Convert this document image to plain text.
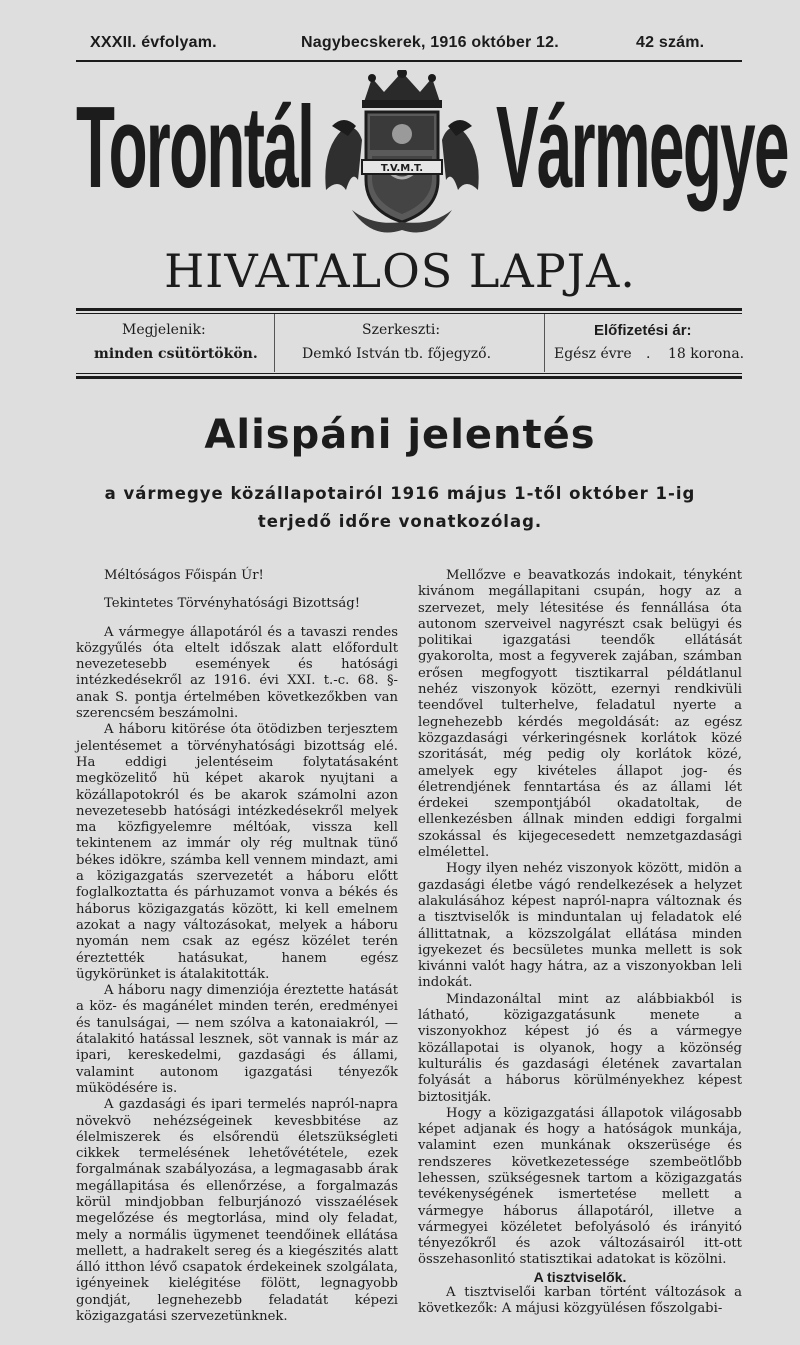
XXXII. évfolyam.	Nagybecskerek, 1916 október 12.	42 szám.
Torontál Vármegye
T.V.M.T.
HIVATALOS LAPJA.
Megjelenik:
minden csütörtökön.
Szerkeszti:
Demkó István tb. főjegyző.
Előfizetési ár:
Egész évre . 18 korona.
Alispáni jelentés
a vármegye közállapotairól 1916 május 1-től október 1-ig
terjedő időre vonatkozólag.

Méltóságos Főispán Úr!

Tekintetes Törvényhatósági Bizottság!

A vármegye állapotáról és a tavaszi rendes közgyűlés óta eltelt időszak alatt előfordult nevezetesebb események és hatósági intézkedésekről az 1916. évi XXI. t.-c. 68. §-anak S. pontja értelmében következőkben van szerencsém beszámolni.

A háboru kitörése óta ötödizben terjesztem jelentésemet a törvényhatósági bizottság elé. Ha eddigi jelentéseim folytatásaként megközelitő hü képet akarok nyujtani a közállapotokról és be akarok számolni azon nevezetesebb hatósági intézkedésekről melyek ma közfigyelemre méltóak, vissza kell tekintenem az immár oly rég multnak tünő békes idökre, számba kell vennem mindazt, ami a közigazgatás szervezetét a háboru előtt foglalkoztatta és párhuzamot vonva a békés és háborus közigazgatás között, ki kell emelnem azokat a nagy változásokat, melyek a háboru nyomán nem csak az egész közélet terén éreztették hatásukat, hanem egész ügykörünket is átalakitották.

A háboru nagy dimenziója éreztette hatását a köz- és magánélet minden terén, eredményei és tanulságai, — nem szólva a katonaiakról, — átalakitó hatással lesznek, söt vannak is már az ipari, kereskedelmi, gazdasági és állami, valamint autonom igazgatási tényezők müködésére is.

A gazdasági és ipari termelés napról-napra növekvö nehézségeinek kevesbbitése az élelmiszerek és elsőrendü életszükségleti cikkek termelésének lehetővététele, ezek forgalmának szabályozása, a legmagasabb árak megállapitása és ellenőrzése, a forgalmazás körül mindjobban felburjánozó visszaélések megelőzése és megtorlása, mind oly feladat, mely a normális ügymenet teendőinek ellátása mellett, a hadrakelt sereg és a kiegészités alatt álló itthon lévő csapatok érdekeinek szolgálata, igényeinek kielégitése fölött, legnagyobb gondját, legnehezebb feladatát képezi közigazgatási szervezetünknek.

Mellőzve e beavatkozás indokait, tényként kivánom megállapitani csupán, hogy az a szervezet, mely létesitése és fennállása óta autonom szerveivel nagyrészt csak belügyi és politikai igazgatási teendők ellátását gyakorolta, most a fegyverek zajában, számban erősen megfogyott tisztikarral példátlanul nehéz viszonyok között, ezernyi rendkivüli teendővel tulterhelve, feladatul nyerte a legnehezebb kérdés megoldását: az egész közgazdasági vérkeringésnek korlátok közé szoritását, még pedig oly korlátok közé, amelyek egy kivételes állapot jog- és életrendjének fenntartása és az állami lét érdekei szempontjából okadatoltak, de ellenkezésben állnak minden eddigi forgalmi szokással és kijegecesedett nemzetgazdasági elmélettel.

Hogy ilyen nehéz viszonyok között, midön a gazdasági életbe vágó rendelkezések a helyzet alakulásához képest napról-napra változnak és a tisztviselők is minduntalan uj feladatok elé állittatnak, a közszolgálat ellátása minden igyekezet és becsületes munka mellett is sok kivánni valót hagy hátra, az a viszonyokban leli indokát.

Mindazonáltal mint az alábbiakból is látható, közigazgatásunk menete a viszonyokhoz képest jó és a vármegye közállapotai is olyanok, hogy a közönség kulturális és gazdasági életének zavartalan folyását a háborus körülményekhez képest biztositják.

Hogy a közigazgatási állapotok világosabb képet adjanak és hogy a hatóságok munkája, valamint ezen munkának okszerüsége és rendszeres következetessége szembeötlőbb lehessen, szükségesnek tartom a közigazgatás tevékenységének ismertetése mellett a vármegye háborus állapotáról, illetve a vármegyei közéletet befolyásoló és irányitó tényezőkről és azok változásairól itt-ott összehasonlitó statisztikai adatokat is közölni.

A tisztviselők.

A tisztviselői karban történt változások a következők: A májusi közgyülésen főszolgabi-
